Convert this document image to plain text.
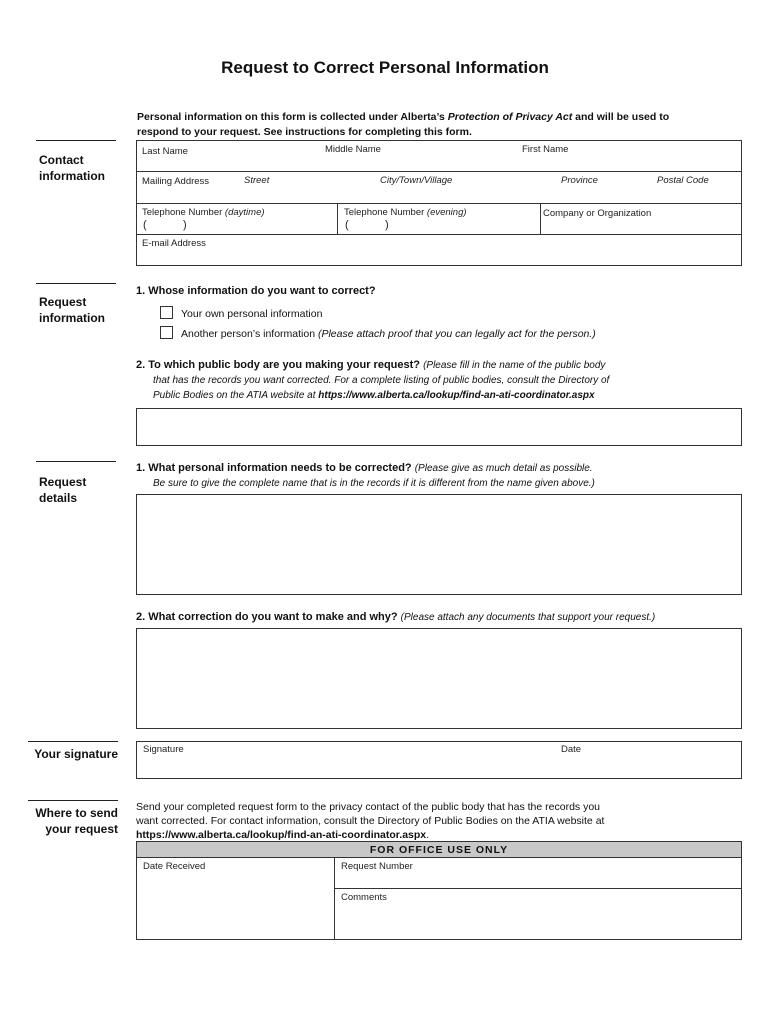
Request to Correct Personal Information
Personal information on this form is collected under Alberta’s Protection of Privacy Act and will be used to
respond to your request. See instructions for completing this form.
Contact
information
Last Name	Middle Name	First Name
Mailing Address	Street	City/Town/Village	Province	Postal Code
Telephone Number (daytime)
(	)
Telephone Number (evening)
(	)
Company or Organization
E-mail Address
Request
information
1. Whose information do you want to correct?
Your own personal information
Another person’s information (Please attach proof that you can legally act for the person.)
2. To which public body are you making your request? (Please fill in the name of the public body
that has the records you want corrected. For a complete listing of public bodies, consult the Directory of
Public Bodies on the ATIA website at https://www.alberta.ca/lookup/find-an-ati-coordinator.aspx
Request
details
1. What personal information needs to be corrected? (Please give as much detail as possible.
Be sure to give the complete name that is in the records if it is different from the name given above.)
2. What correction do you want to make and why? (Please attach any documents that support your request.)
Your signature	Signature	Date
Where to send
your request
Send your completed request form to the privacy contact of the public body that has the records you
want corrected. For contact information, consult the Directory of Public Bodies on the ATIA website at
https://www.alberta.ca/lookup/find-an-ati-coordinator.aspx.
FOR OFFICE USE ONLY
Date Received	Request Number
Comments
